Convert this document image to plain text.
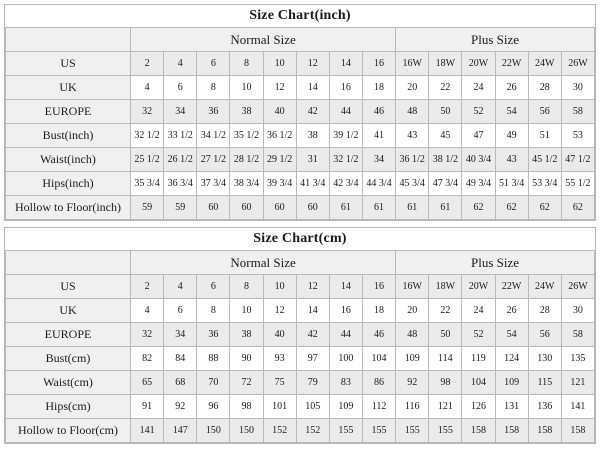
Size Chart(inch)
	Normal Size								Plus Size					
US	2	4	6	8	10	12	14	16	16W	18W	20W	22W	24W	26W
UK	4	6	8	10	12	14	16	18	20	22	24	26	28	30
EUROPE	32	34	36	38	40	42	44	46	48	50	52	54	56	58
Bust(inch)	32 1/2	33 1/2	34 1/2	35 1/2	36 1/2	38	39 1/2	41	43	45	47	49	51	53
Waist(inch)	25 1/2	26 1/2	27 1/2	28 1/2	29 1/2	31	32 1/2	34	36 1/2	38 1/2	40 3/4	43	45 1/2	47 1/2
Hips(inch)	35 3/4	36 3/4	37 3/4	38 3/4	39 3/4	41 3/4	42 3/4	44 3/4	45 3/4	47 3/4	49 3/4	51 3/4	53 3/4	55 1/2
Hollow to Floor(inch)	59	59	60	60	60	60	61	61	61	61	62	62	62	62
Size Chart(cm)
	Normal Size								Plus Size					
US	2	4	6	8	10	12	14	16	16W	18W	20W	22W	24W	26W
UK	4	6	8	10	12	14	16	18	20	22	24	26	28	30
EUROPE	32	34	36	38	40	42	44	46	48	50	52	54	56	58
Bust(cm)	82	84	88	90	93	97	100	104	109	114	119	124	130	135
Waist(cm)	65	68	70	72	75	79	83	86	92	98	104	109	115	121
Hips(cm)	91	92	96	98	101	105	109	112	116	121	126	131	136	141
Hollow to Floor(cm)	141	147	150	150	152	152	155	155	155	155	158	158	158	158
